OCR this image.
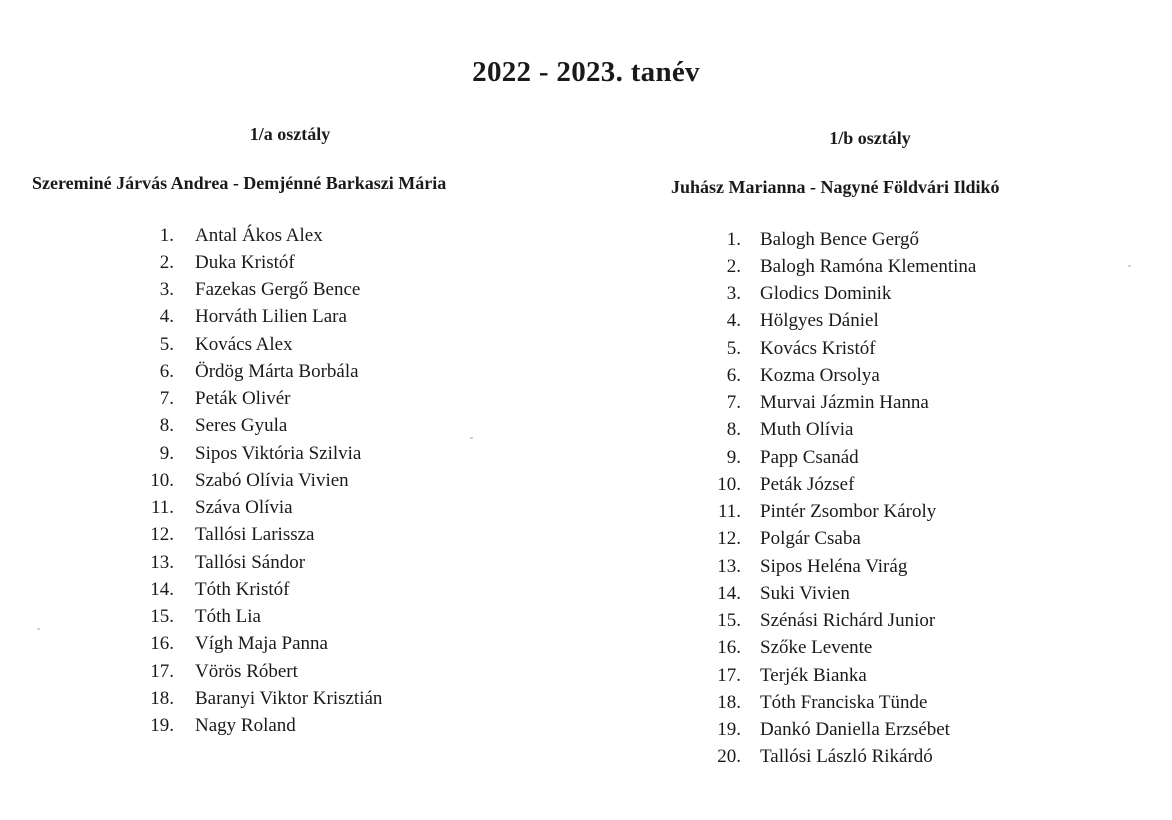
2022 - 2023. tanév
1/a osztály
Szereminé Járvás Andrea - Demjénné Barkaszi Mária
1. Antal Ákos Alex
2. Duka Kristóf
3. Fazekas Gergő Bence
4. Horváth Lilien Lara
5. Kovács Alex
6. Ördög Márta Borbála
7. Peták Olivér
8. Seres Gyula
9. Sipos Viktória Szilvia
10. Szabó Olívia Vivien
11. Száva Olívia
12. Tallósi Larissza
13. Tallósi Sándor
14. Tóth Kristóf
15. Tóth Lia
16. Vígh Maja Panna
17. Vörös Róbert
18. Baranyi Viktor Krisztián
19. Nagy Roland
1/b osztály
Juhász Marianna - Nagyné Földvári Ildikó
1. Balogh Bence Gergő
2. Balogh Ramóna Klementina
3. Glodics Dominik
4. Hölgyes Dániel
5. Kovács Kristóf
6. Kozma Orsolya
7. Murvai Jázmin Hanna
8. Muth Olívia
9. Papp Csanád
10. Peták József
11. Pintér Zsombor Károly
12. Polgár Csaba
13. Sipos Heléna Virág
14. Suki Vivien
15. Szénási Richárd Junior
16. Szőke Levente
17. Terjék Bianka
18. Tóth Franciska Tünde
19. Dankó Daniella Erzsébet
20. Tallósi László Rikárdó
